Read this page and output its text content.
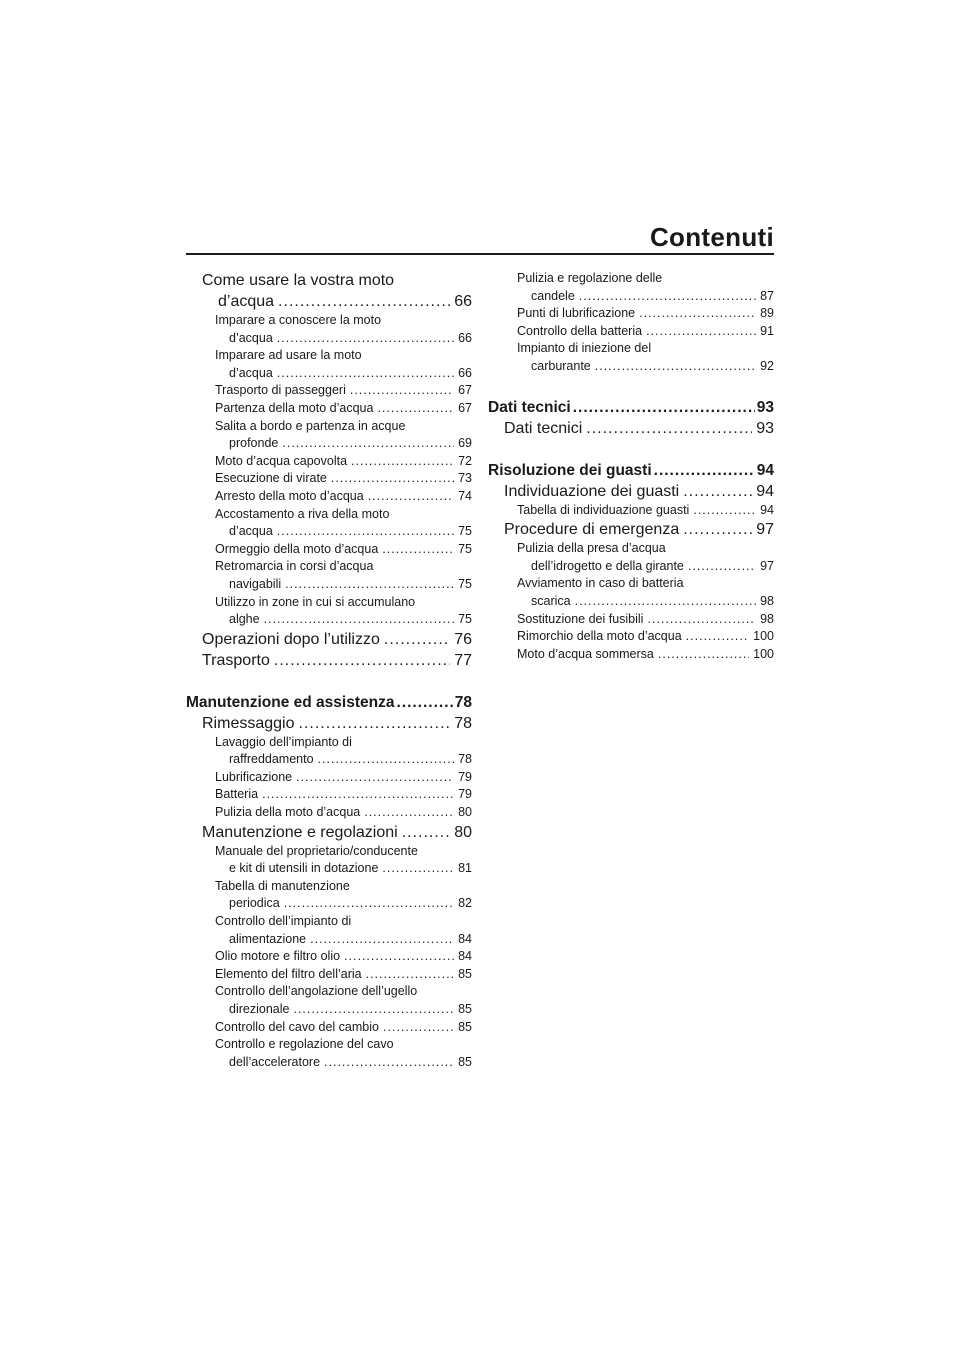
Contenuti
Come usare la vostra moto
d’acqua .....	66
Imparare a conoscere la moto
d’acqua .....	66
Imparare ad usare la moto
d’acqua .....	66
Trasporto di passeggeri .....	67
Partenza della moto d’acqua .....	67
Salita a bordo e partenza in acque
profonde .....	69
Moto d’acqua capovolta .....	72
Esecuzione di virate .....	73
Arresto della moto d’acqua .....	74
Accostamento a riva della moto
d’acqua .....	75
Ormeggio della moto d’acqua .....	75
Retromarcia in corsi d’acqua
navigabili .....	75
Utilizzo in zone in cui si accumulano
alghe .....	75
Operazioni dopo l’utilizzo .....	76
Trasporto .....	77
Manutenzione ed assistenza .....	78
Rimessaggio .....	78
Lavaggio dell’impianto di
raffreddamento .....	78
Lubrificazione .....	79
Batteria .....	79
Pulizia della moto d’acqua .....	80
Manutenzione e regolazioni .....	80
Manuale del proprietario/conducente
e kit di utensili in dotazione .....	81
Tabella di manutenzione
periodica .....	82
Controllo dell’impianto di
alimentazione .....	84
Olio motore e filtro olio .....	84
Elemento del filtro dell’aria .....	85
Controllo dell’angolazione dell’ugello
direzionale .....	85
Controllo del cavo del cambio .....	85
Controllo e regolazione del cavo
dell’acceleratore .....	85
Pulizia e regolazione delle
candele .....	87
Punti di lubrificazione .....	89
Controllo della batteria .....	91
Impianto di iniezione del
carburante .....	92
Dati tecnici .....	93
Dati tecnici .....	93
Risoluzione dei guasti .....	94
Individuazione dei guasti .....	94
Tabella di individuazione guasti .....	94
Procedure di emergenza .....	97
Pulizia della presa d’acqua
dell’idrogetto e della girante .....	97
Avviamento in caso di batteria
scarica .....	98
Sostituzione dei fusibili .....	98
Rimorchio della moto d’acqua .....	100
Moto d’acqua sommersa .....	100
